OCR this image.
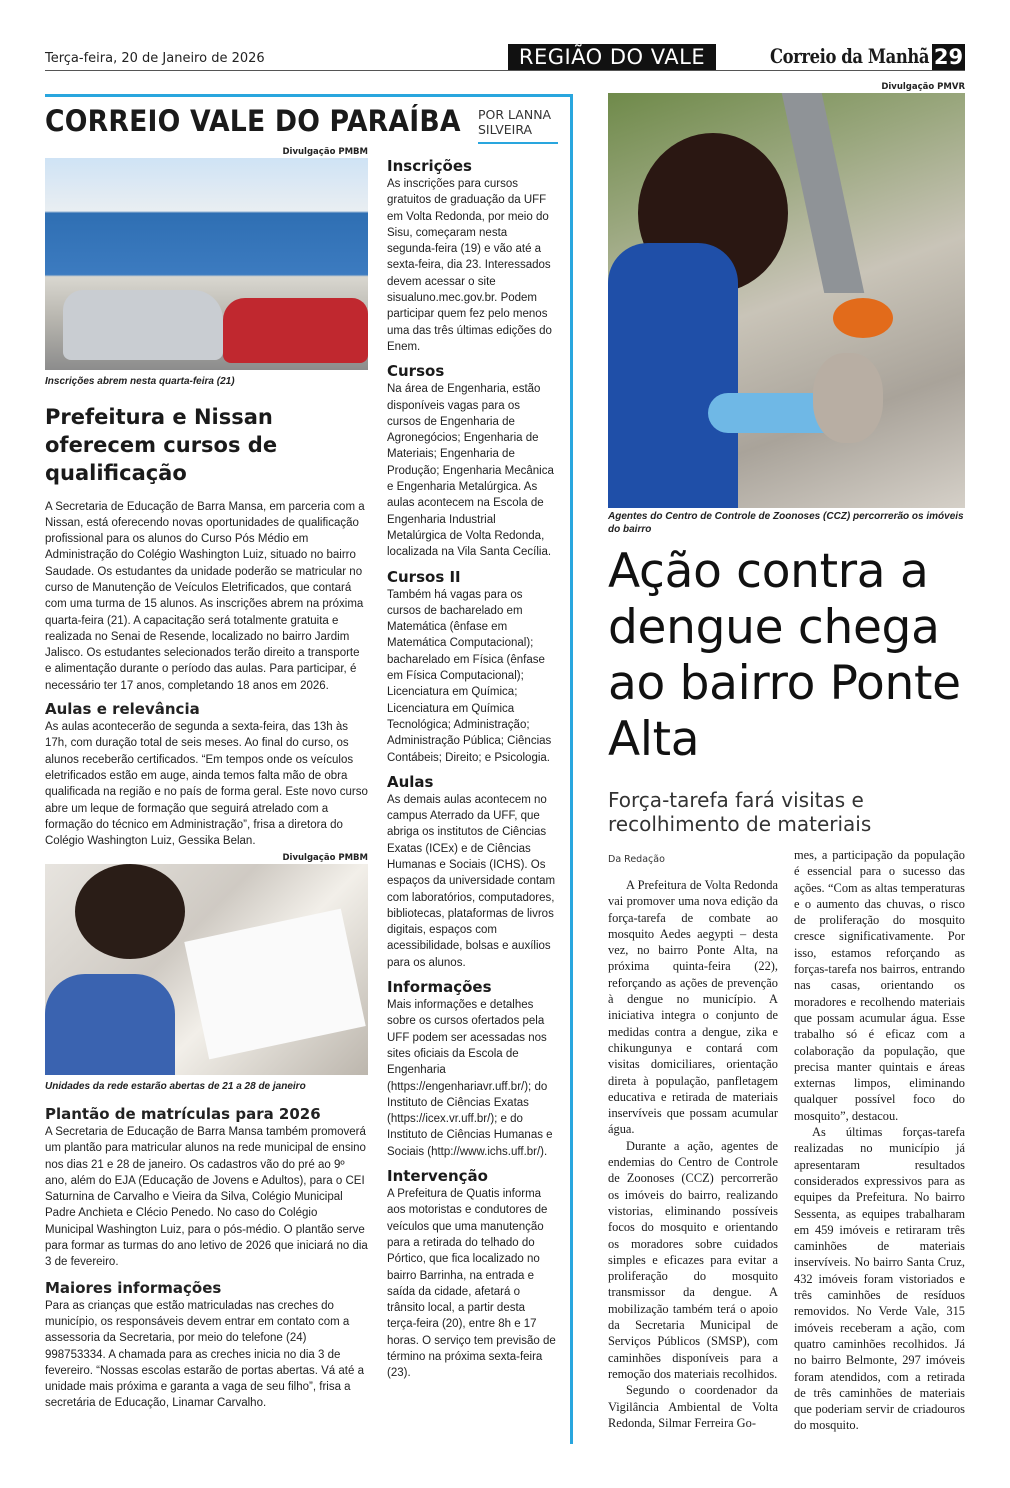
Terça-feira, 20 de Janeiro de 2026	REGIÃO DO VALE	Correio da Manhã 29
CORREIO VALE DO PARAÍBA POR LANNA
SILVEIRA
Divulgação PMBM
Inscrições abrem nesta quarta-feira (21)
Prefeitura e Nissan oferecem cursos de qualificação

A Secretaria de Educação de Barra Mansa, em parceria com a Nissan, está oferecendo novas oportunidades de qualificação profissional para os alunos do Curso Pós Médio em Administração do Colégio Washington Luiz, situado no bairro Saudade. Os estudantes da unidade poderão se matricular no curso de Manutenção de Veículos Eletrificados, que contará com uma turma de 15 alunos. As inscrições abrem na próxima quarta-feira (21). A capacitação será totalmente gratuita e realizada no Senai de Resende, localizado no bairro Jardim Jalisco. Os estudantes selecionados terão direito a transporte e alimentação durante o período das aulas. Para participar, é necessário ter 17 anos, completando 18 anos em 2026.

Aulas e relevância

As aulas acontecerão de segunda a sexta-feira, das 13h às 17h, com duração total de seis meses. Ao final do curso, os alunos receberão certificados. “Em tempos onde os veículos eletrificados estão em auge, ainda temos falta mão de obra qualificada na região e no país de forma geral. Este novo curso abre um leque de formação que seguirá atrelado com a formação do técnico em Administração”, frisa a diretora do Colégio Washington Luiz, Gessika Belan.

Divulgação PMBM
Unidades da rede estarão abertas de 21 a 28 de janeiro
Plantão de matrículas para 2026

A Secretaria de Educação de Barra Mansa também promoverá um plantão para matricular alunos na rede municipal de ensino nos dias 21 e 28 de janeiro. Os cadastros vão do pré ao 9º ano, além do EJA (Educação de Jovens e Adultos), para o CEI Saturnina de Carvalho e Vieira da Silva, Colégio Municipal Padre Anchieta e Clécio Penedo. No caso do Colégio Municipal Washington Luiz, para o pós-médio. O plantão serve para formar as turmas do ano letivo de 2026 que iniciará no dia 3 de fevereiro.

Maiores informações

Para as crianças que estão matriculadas nas creches do município, os responsáveis devem entrar em contato com a assessoria da Secretaria, por meio do telefone (24) 998753334. A chamada para as creches inicia no dia 3 de fevereiro. “Nossas escolas estarão de portas abertas. Vá até a unidade mais próxima e garanta a vaga de seu filho”, frisa a secretária de Educação, Linamar Carvalho.

Inscrições

As inscrições para cursos gratuitos de graduação da UFF em Volta Redonda, por meio do Sisu, começaram nesta segunda-feira (19) e vão até a sexta-feira, dia 23. Interessados devem acessar o site sisualuno.mec.gov.br. Podem participar quem fez pelo menos uma das três últimas edições do Enem.

Cursos

Na área de Engenharia, estão disponíveis vagas para os cursos de Engenharia de Agronegócios; Engenharia de Materiais; Engenharia de Produção; Engenharia Mecânica e Engenharia Metalúrgica. As aulas acontecem na Escola de Engenharia Industrial Metalúrgica de Volta Redonda, localizada na Vila Santa Cecília.

Cursos II

Também há vagas para os cursos de bacharelado em Matemática (ênfase em Matemática Computacional); bacharelado em Física (ênfase em Física Computacional); Licenciatura em Química; Licenciatura em Química Tecnológica; Administração; Administração Pública; Ciências Contábeis; Direito; e Psicologia.

Aulas

As demais aulas acontecem no campus Aterrado da UFF, que abriga os institutos de Ciências Exatas (ICEx) e de Ciências Humanas e Sociais (ICHS). Os espaços da universidade contam com laboratórios, computadores, bibliotecas, plataformas de livros digitais, espaços com acessibilidade, bolsas e auxílios para os alunos.

Informações

Mais informações e detalhes sobre os cursos ofertados pela UFF podem ser acessadas nos sites oficiais da Escola de Engenharia (https://engenhariavr.uff.br/); do Instituto de Ciências Exatas (https://icex.vr.uff.br/); e do Instituto de Ciências Humanas e Sociais (http://www.ichs.uff.br/).

Intervenção

A Prefeitura de Quatis informa aos motoristas e condutores de veículos que uma manutenção para a retirada do telhado do Pórtico, que fica localizado no bairro Barrinha, na entrada e saída da cidade, afetará o trânsito local, a partir desta terça-feira (20), entre 8h e 17 horas. O serviço tem previsão de término na próxima sexta-feira (23).

Divulgação PMVR
Agentes do Centro de Controle de Zoonoses (CCZ) percorrerão os imóveis do bairro
Ação contra a dengue chega ao bairro Ponte Alta
Força-tarefa fará visitas e recolhimento de materiais
Da Redação

A Prefeitura de Volta Redonda vai promover uma nova edição da força-tarefa de combate ao mosquito Aedes aegypti – desta vez, no bairro Ponte Alta, na próxima quinta-feira (22), reforçando as ações de prevenção à dengue no município. A iniciativa integra o conjunto de medidas contra a dengue, zika e chikungunya e contará com visitas domiciliares, orientação direta à população, panfletagem educativa e retirada de materiais inservíveis que possam acumular água.

Durante a ação, agentes de endemias do Centro de Controle de Zoonoses (CCZ) percorrerão os imóveis do bairro, realizando vistorias, eliminando possíveis focos do mosquito e orientando os moradores sobre cuidados simples e eficazes para evitar a proliferação do mosquito transmissor da dengue. A mobilização também terá o apoio da Secretaria Municipal de Serviços Públicos (SMSP), com caminhões disponíveis para a remoção dos materiais recolhidos.

Segundo o coordenador da Vigilância Ambiental de Volta Redonda, Silmar Ferreira Go-

mes, a participação da população é essencial para o sucesso das ações. “Com as altas temperaturas e o aumento das chuvas, o risco de proliferação do mosquito cresce significativamente. Por isso, estamos reforçando as forças-tarefa nos bairros, entrando nas casas, orientando os moradores e recolhendo materiais que possam acumular água. Esse trabalho só é eficaz com a colaboração da população, que precisa manter quintais e áreas externas limpos, eliminando qualquer possível foco do mosquito”, destacou.

As últimas forças-tarefa realizadas no município já apresentaram resultados considerados expressivos para as equipes da Prefeitura. No bairro Sessenta, as equipes trabalharam em 459 imóveis e retiraram três caminhões de materiais inservíveis. No bairro Santa Cruz, 432 imóveis foram vistoriados e três caminhões de resíduos removidos. No Verde Vale, 315 imóveis receberam a ação, com quatro caminhões recolhidos. Já no bairro Belmonte, 297 imóveis foram atendidos, com a retirada de três caminhões de materiais que poderiam servir de criadouros do mosquito.
